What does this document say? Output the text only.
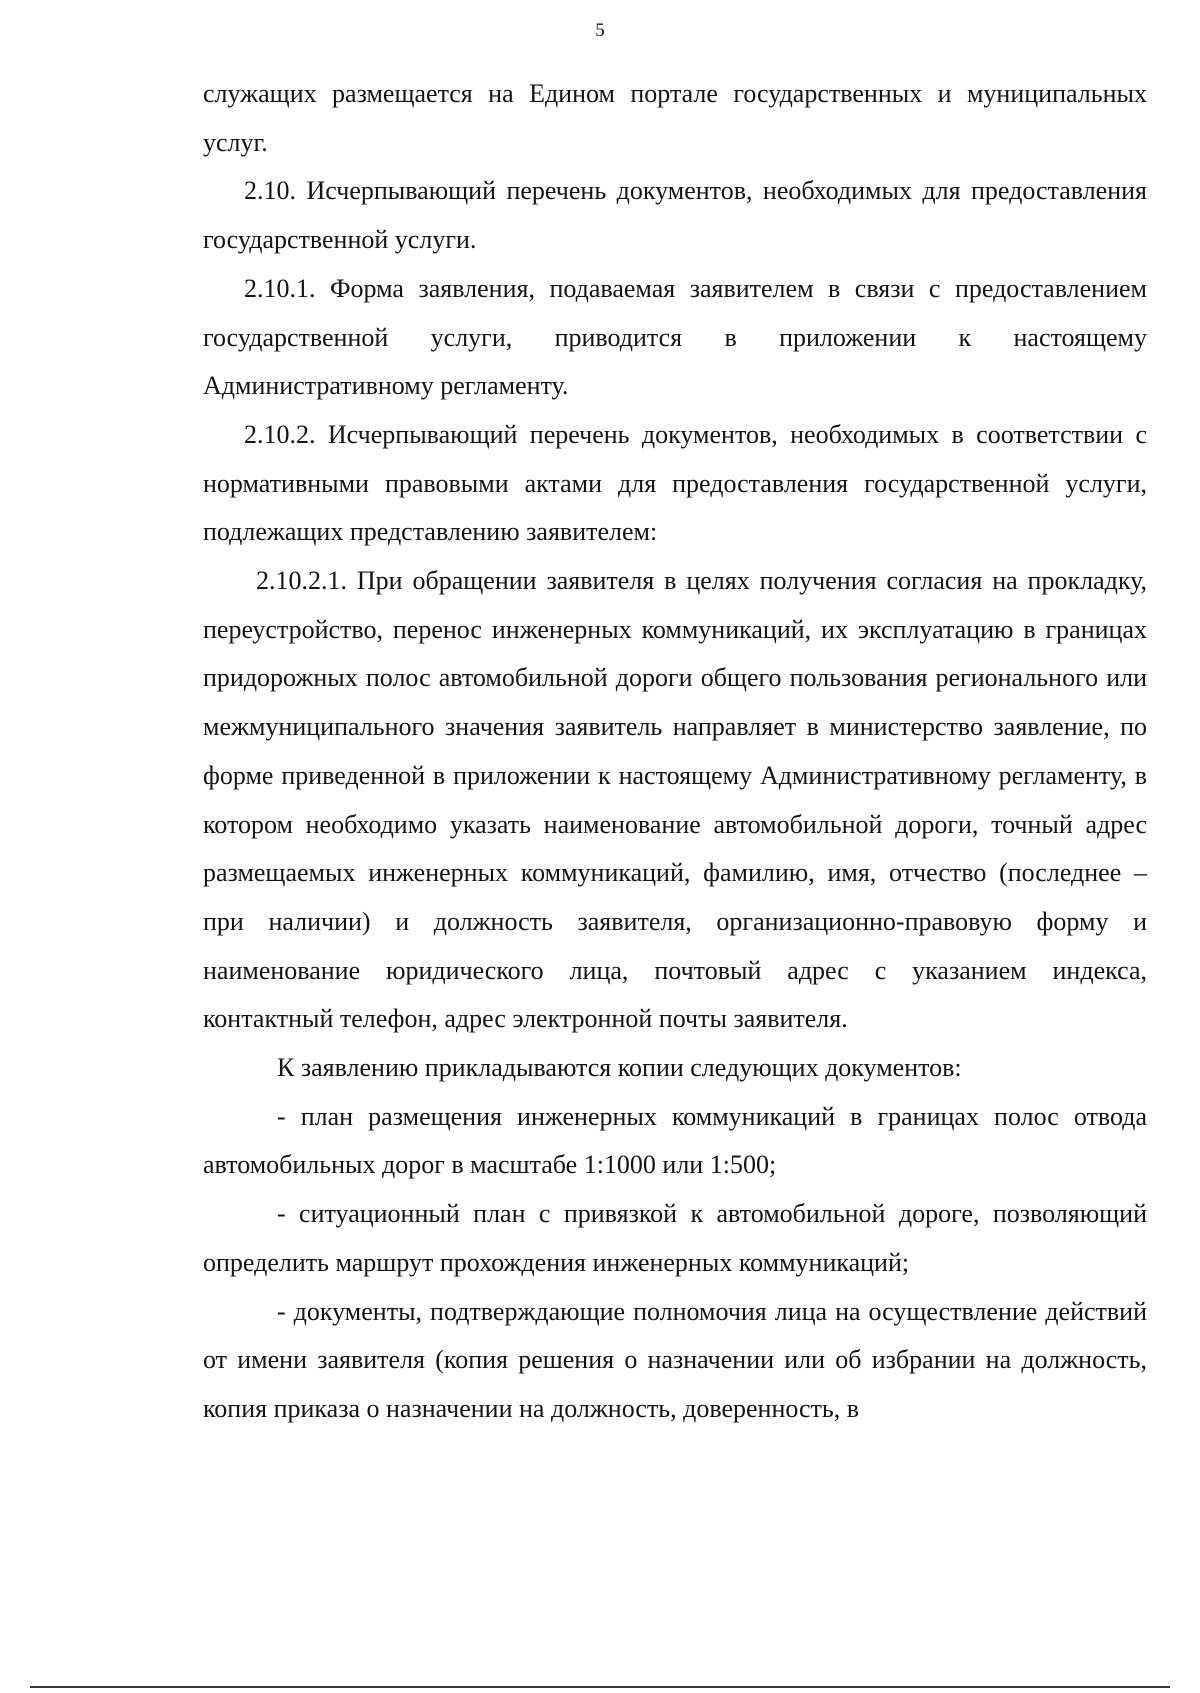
5

служащих размещается на Едином портале государственных и муниципальных услуг.

2.10. Исчерпывающий перечень документов, необходимых для предоставления государственной услуги.

2.10.1. Форма заявления, подаваемая заявителем в связи с предоставлением государственной услуги, приводится в приложении к настоящему Административному регламенту.

2.10.2. Исчерпывающий перечень документов, необходимых в соответствии с нормативными правовыми актами для предоставления государственной услуги, подлежащих представлению заявителем:

2.10.2.1. При обращении заявителя в целях получения согласия на прокладку, переустройство, перенос инженерных коммуникаций, их эксплуатацию в границах придорожных полос автомобильной дороги общего пользования регионального или межмуниципального значения заявитель направляет в министерство заявление, по форме приведенной в приложении к настоящему Административному регламенту, в котором необходимо указать наименование автомобильной дороги, точный адрес размещаемых инженерных коммуникаций, фамилию, имя, отчество (последнее – при наличии) и должность заявителя, организационно-правовую форму и наименование юридического лица, почтовый адрес с указанием индекса, контактный телефон, адрес электронной почты заявителя.

К заявлению прикладываются копии следующих документов:

- план размещения инженерных коммуникаций в границах полос отвода автомобильных дорог в масштабе 1:1000 или 1:500;

- ситуационный план с привязкой к автомобильной дороге, позволяющий определить маршрут прохождения инженерных коммуникаций;

- документы, подтверждающие полномочия лица на осуществление действий от имени заявителя (копия решения о назначении или об избрании на должность, копия приказа о назначении на должность, доверенность, в
